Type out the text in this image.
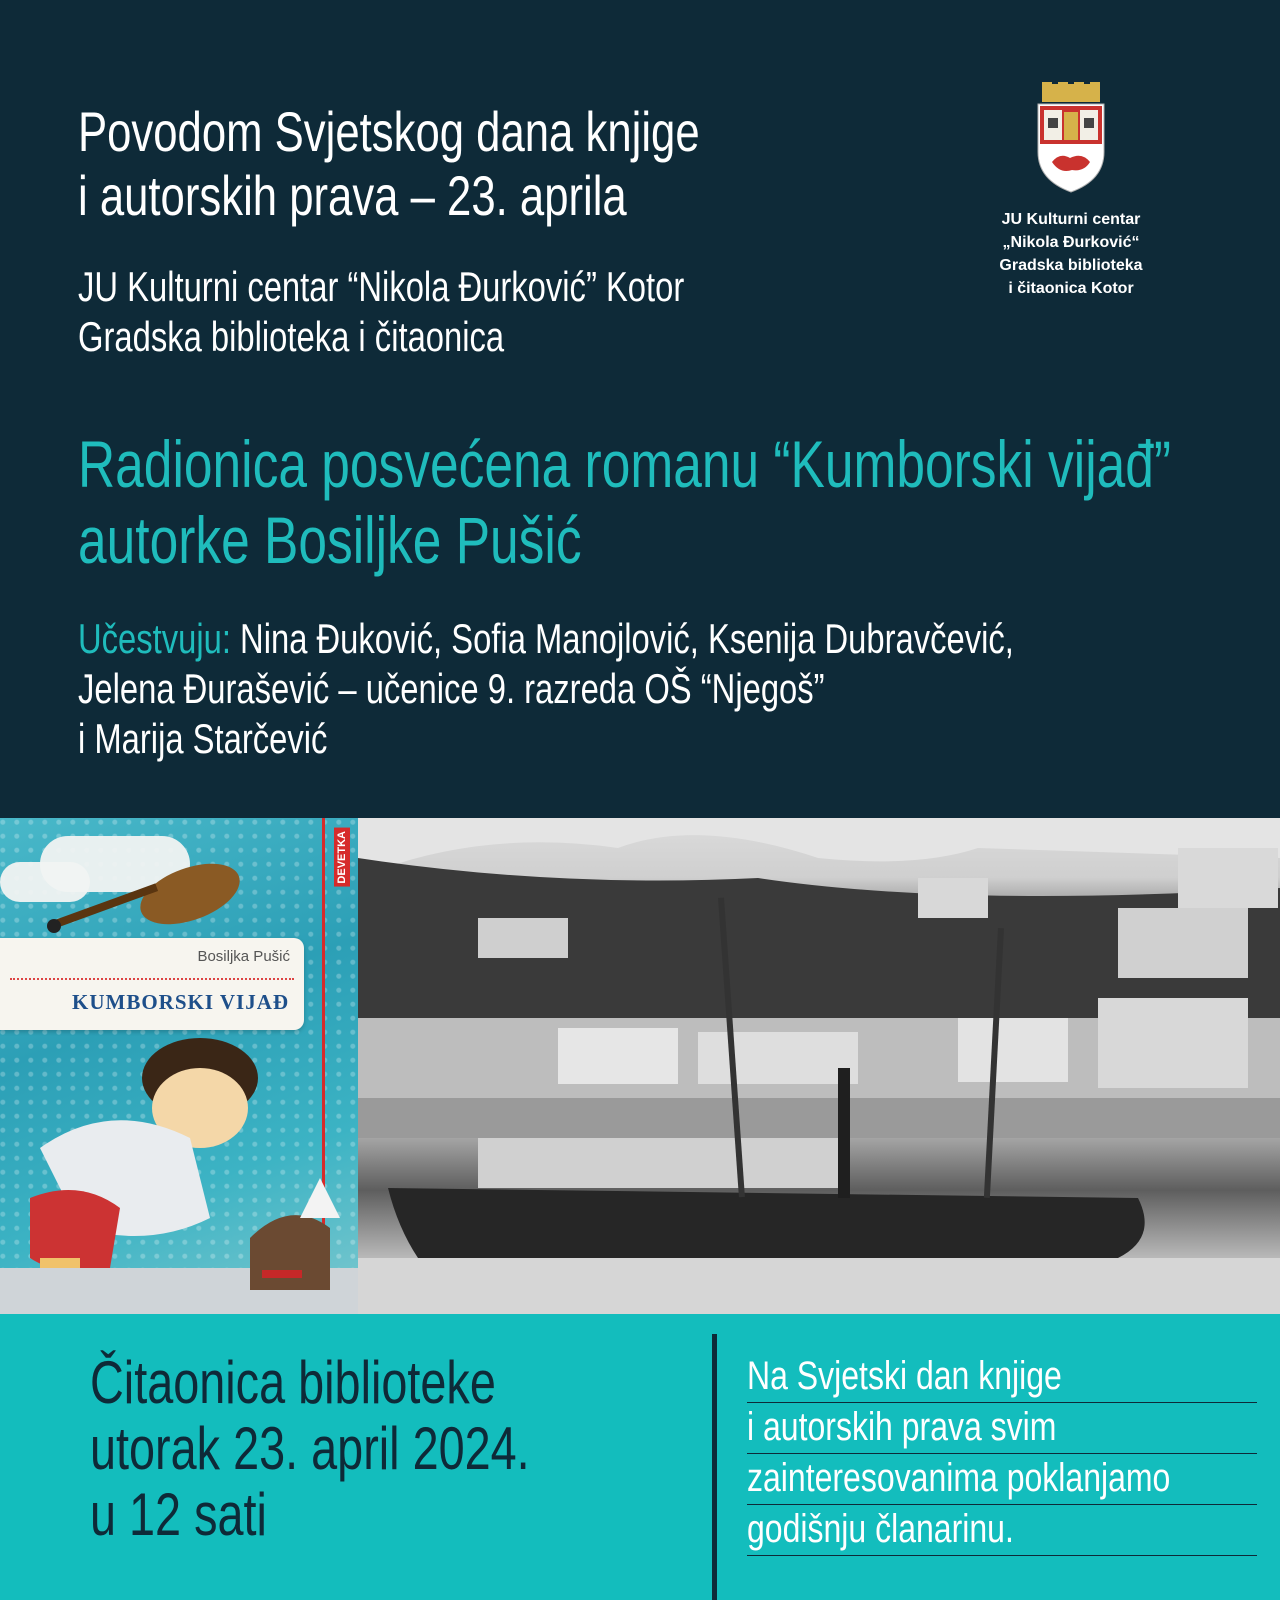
Povodom Svjetskog dana knjige
i autorskih prava – 23. aprila
JU Kulturni centar “Nikola Đurković” Kotor
Gradska biblioteka i čitaonica
JU Kulturni centar
„Nikola Đurković“
Gradska biblioteka
i čitaonica Kotor
Radionica posvećena romanu “Kumborski vijađ”
autorke Bosiljke Pušić
Učestvuju: Nina Đuković, Sofia Manojlović, Ksenija Dubravčević,
Jelena Đurašević – učenice 9. razreda OŠ “Njegoš”
i Marija Starčević
DEVETKA
Bosiljka Pušić
KUMBORSKI VIJAĐ
Čitaonica biblioteke
utorak 23. april 2024.
u 12 sati
Na Svjetski dan knjige
i autorskih prava svim
zainteresovanima poklanjamo
godišnju članarinu.
